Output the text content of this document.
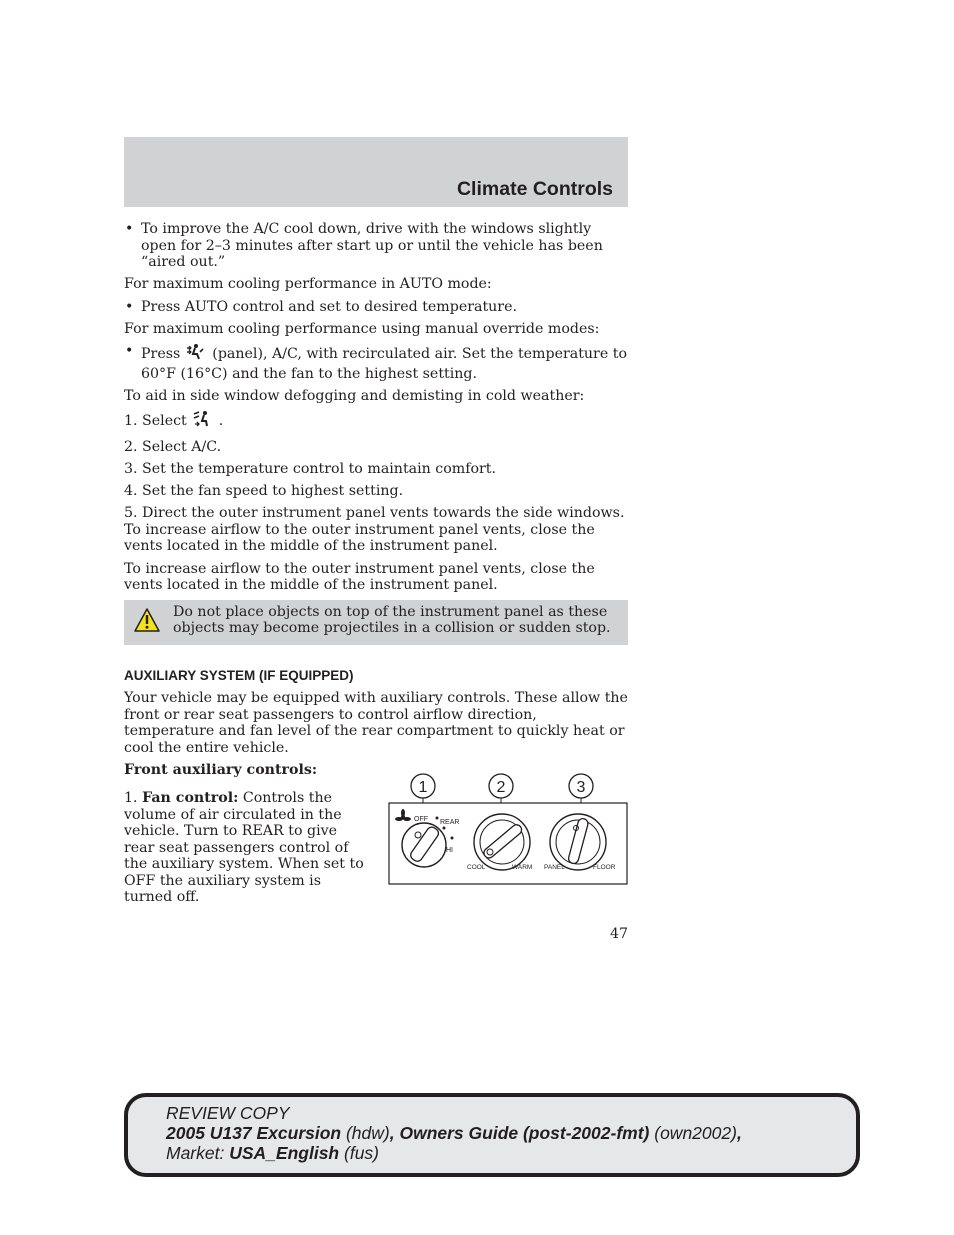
Climate Controls

• To improve the A/C cool down, drive with the windows slightly open for 2–3 minutes after start up or until the vehicle has been “aired out.”

For maximum cooling performance in AUTO mode:

• Press AUTO control and set to desired temperature.

For maximum cooling performance using manual override modes:

• Press (panel), A/C, with recirculated air. Set the temperature to 60°F (16°C) and the fan to the highest setting.

To aid in side window defogging and demisting in cold weather:

1. Select .

2. Select A/C.

3. Set the temperature control to maintain comfort.

4. Set the fan speed to highest setting.

5. Direct the outer instrument panel vents towards the side windows. To increase airflow to the outer instrument panel vents, close the vents located in the middle of the instrument panel.

To increase airflow to the outer instrument panel vents, close the vents located in the middle of the instrument panel.

Do not place objects on top of the instrument panel as these objects may become projectiles in a collision or sudden stop.

AUXILIARY SYSTEM (IF EQUIPPED)

Your vehicle may be equipped with auxiliary controls. These allow the front or rear seat passengers to control airflow direction, temperature and fan level of the rear compartment to quickly heat or cool the entire vehicle.

Front auxiliary controls:

1. Fan control: Controls the volume of air circulated in the vehicle. Turn to REAR to give rear seat passengers control of the auxiliary system. When set to OFF the auxiliary system is turned off.

1	2	3
OFF REAR
HI
COOL	WARM PANEL	FLOOR
47
REVIEW COPY
2005 U137 Excursion (hdw), Owners Guide (post-2002-fmt) (own2002),
Market: USA_English (fus)
